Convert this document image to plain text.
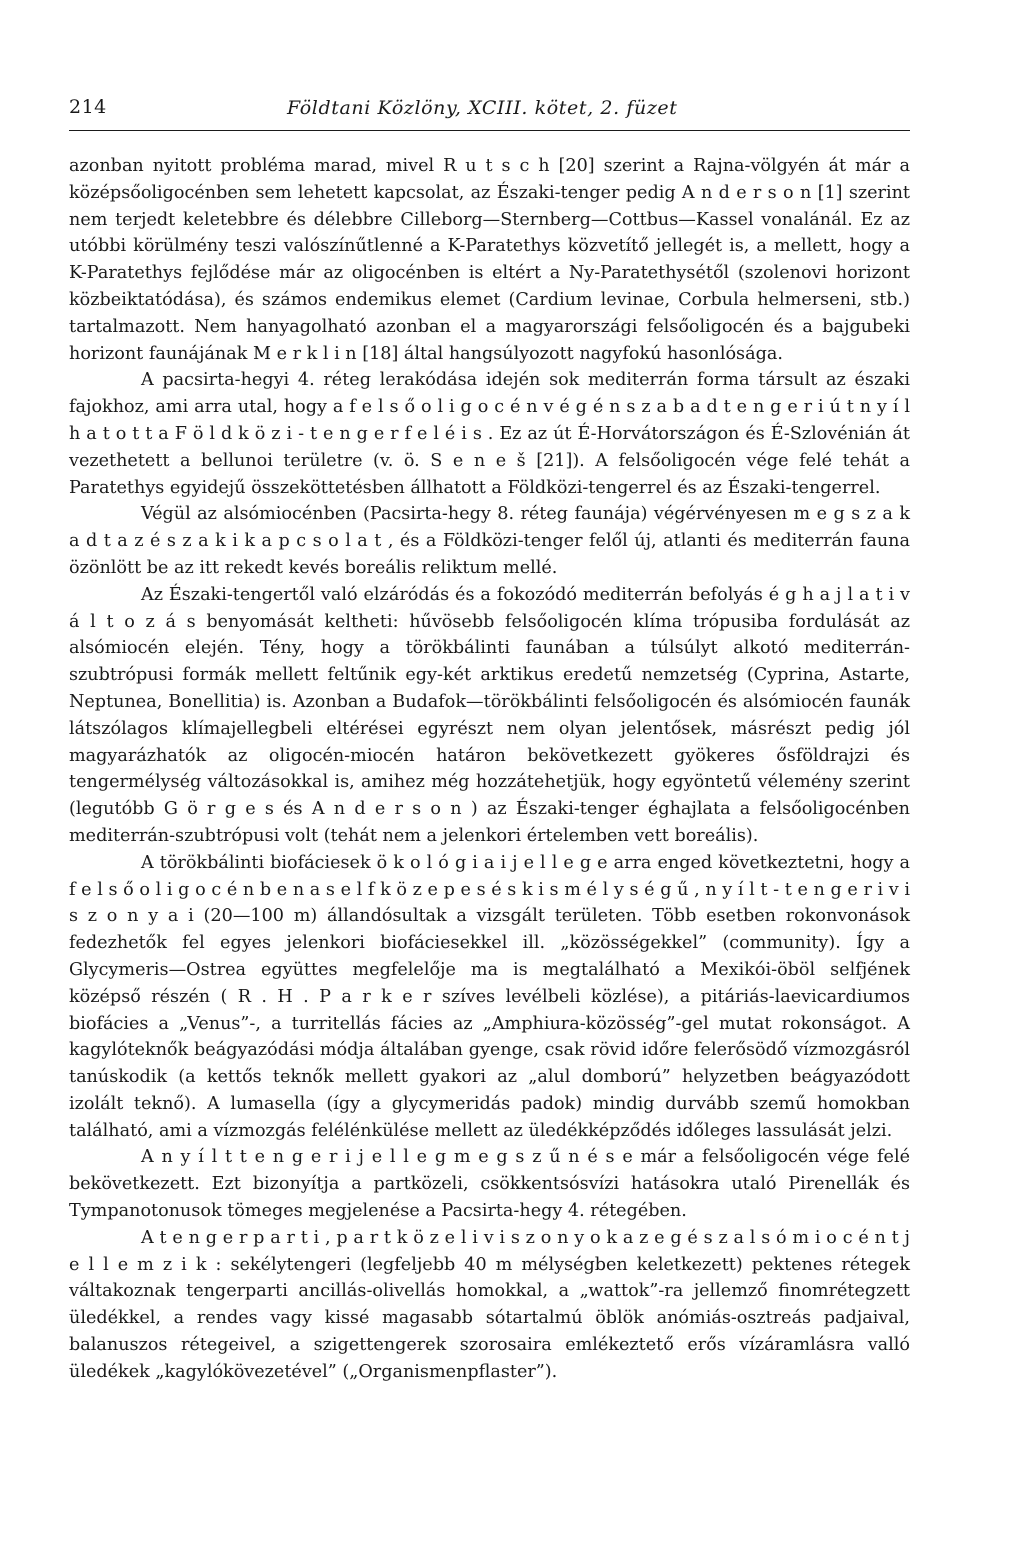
214	Földtani Közlöny, XCIII. kötet, 2. füzet

azonban nyitott probléma marad, mivel R u t s c h [20] szerint a Rajna-völgyén át már a középsőoligocénben sem lehetett kapcsolat, az Északi-tenger pedig A n d e r s o n [1] szerint nem terjedt keletebbre és délebbre Cilleborg—Sternberg—Cottbus—Kassel vonalánál. Ez az utóbbi körülmény teszi valószínűtlenné a K-Paratethys közvetítő jellegét is, a mellett, hogy a K-Paratethys fejlődése már az oligocénben is eltért a Ny-Paratethysétől (szolenovi horizont közbeiktatódása), és számos endemikus elemet (Cardium levinae, Corbula helmerseni, stb.) tartalmazott. Nem hanyagolható azonban el a magyarországi felsőoligocén és a bajgubeki horizont faunájának M e r k l i n [18] által hangsúlyozott nagyfokú hasonlósága.

A pacsirta-hegyi 4. réteg lerakódása idején sok mediterrán forma társult az északi fajokhoz, ami arra utal, hogy a f e l s ő o l i g o c é n v é g é n s z a b a d t e n g e r i ú t n y í l h a t o t t a F ö l d k ö z i - t e n g e r f e l é i s . Ez az út É-Horvátországon és É-Szlovénián át vezethetett a bellunoi területre (v. ö. S e n e š [21]). A felsőoligocén vége felé tehát a Paratethys egyidejű összeköttetésben állhatott a Földközi-tengerrel és az Északi-tengerrel.

Végül az alsómiocénben (Pacsirta-hegy 8. réteg faunája) végérvényesen m e g s z a k a d t a z é s z a k i k a p c s o l a t , és a Földközi-tenger felől új, atlanti és mediterrán fauna özönlött be az itt rekedt kevés boreális reliktum mellé.

Az Északi-tengertől való elzáródás és a fokozódó mediterrán befolyás é g h a j l a t i v á l t o z á s benyomását keltheti: hűvösebb felsőoligocén klíma trópusiba fordulását az alsómiocén elején. Tény, hogy a törökbálinti faunában a túlsúlyt alkotó mediterrán-szubtrópusi formák mellett feltűnik egy-két arktikus eredetű nemzetség (Cyprina, Astarte, Neptunea, Bonellitia) is. Azonban a Budafok—törökbálinti felsőoligocén és alsómiocén faunák látszólagos klímajellegbeli eltérései egyrészt nem olyan jelentősek, másrészt pedig jól magyarázhatók az oligocén-miocén határon bekövetkezett gyökeres ősföldrajzi és tengermélység változásokkal is, amihez még hozzátehetjük, hogy egyöntetű vélemény szerint (legutóbb G ö r g e s és A n d e r s o n ) az Északi-tenger éghajlata a felsőoligocénben mediterrán-szubtrópusi volt (tehát nem a jelenkori értelemben vett boreális).

A törökbálinti biofáciesek ö k o l ó g i a i j e l l e g e arra enged következtetni, hogy a f e l s ő o l i g o c é n b e n a s e l f k ö z e p e s é s k i s m é l y s é g ű , n y í l t - t e n g e r i v i s z o n y a i (20—100 m) állandósultak a vizsgált területen. Több esetben rokonvonások fedezhetők fel egyes jelenkori biofáciesekkel ill. „közösségekkel” (community). Így a Glycymeris—Ostrea együttes megfelelője ma is megtalálható a Mexikói-öböl selfjének középső részén ( R . H . P a r k e r szíves levélbeli közlése), a pitáriás-laevicardiumos biofácies a „Venus”-, a turritellás fácies az „Amphiura-közösség”-gel mutat rokonságot. A kagylóteknők beágyazódási módja általában gyenge, csak rövid időre felerősödő vízmozgásról tanúskodik (a kettős teknők mellett gyakori az „alul domború” helyzetben beágyazódott izolált teknő). A lumasella (így a glycymeridás padok) mindig durvább szemű homokban található, ami a vízmozgás felélénkülése mellett az üledékképződés időleges lassulását jelzi.

A n y í l t t e n g e r i j e l l e g m e g s z ű n é s e már a felsőoligocén vége felé bekövetkezett. Ezt bizonyítja a partközeli, csökkentsósvízi hatásokra utaló Pirenellák és Tympanotonusok tömeges megjelenése a Pacsirta-hegy 4. rétegében.

A t e n g e r p a r t i , p a r t k ö z e l i v i s z o n y o k a z e g é s z a l s ó m i o c é n t j e l l e m z i k : sekélytengeri (legfeljebb 40 m mélységben keletkezett) pektenes rétegek váltakoznak tengerparti ancillás-olivellás homokkal, a „wattok”-ra jellemző finomrétegzett üledékkel, a rendes vagy kissé magasabb sótartalmú öblök anómiás-osztreás padjaival, balanuszos rétegeivel, a szigettengerek szorosaira emlékeztető erős vízáramlásra valló üledékek „kagylókövezetével” („Organismenpflaster”).
